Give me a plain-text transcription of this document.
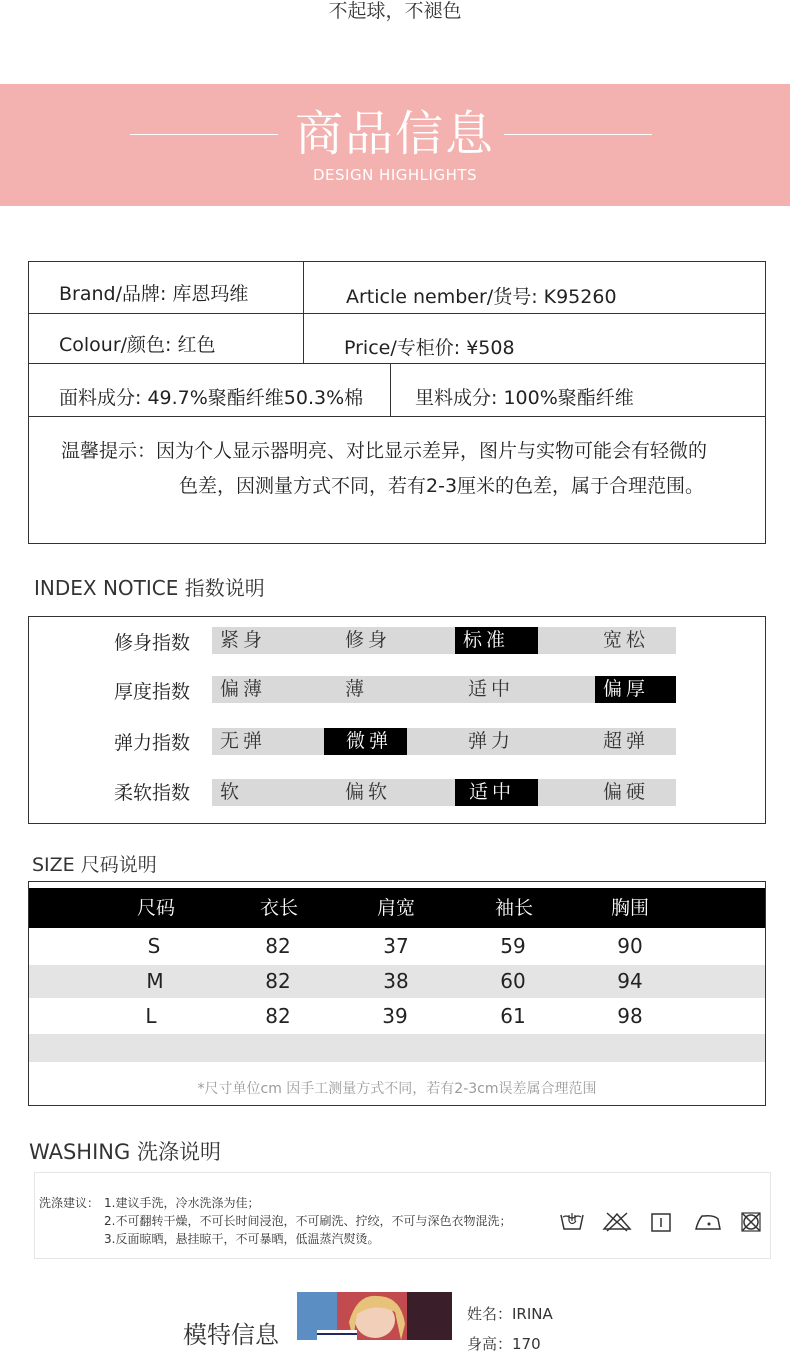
不起球，不褪色
商品信息
DESIGN HIGHLIGHTS
Brand/品牌: 库恩玛维	Article nember/货号: K95260
Colour/颜色: 红色	Price/专柜价: ¥508
面料成分: 49.7%聚酯纤维50.3%棉	里料成分: 100%聚酯纤维
温馨提示：因为个人显示器明亮、对比显示差异，图片与实物可能会有轻微的
色差，因测量方式不同，若有2-3厘米的色差，属于合理范围。
INDEX NOTICE 指数说明
修身指数	紧身	修身	标准	宽松
厚度指数	偏薄	薄	适中	偏厚
弹力指数	无弹	微弹	弹力	超弹
柔软指数	软	偏软	适中	偏硬
SIZE 尺码说明
尺码	衣长	肩宽	袖长	胸围
S	82	37	59	90
M	82	38	60	94
L	82	39	61	98
*尺寸单位cm 因手工测量方式不同，若有2-3cm误差属合理范围
WASHING 洗涤说明
洗涤建议： 1.建议手洗，冷水洗涤为佳；
2.不可翻转干燥，不可长时间浸泡，不可刷洗、拧绞，不可与深色衣物混洗；
3.反面晾晒，悬挂晾干，不可暴晒，低温蒸汽熨烫。
模特信息
姓名：IRINA
身高：170
